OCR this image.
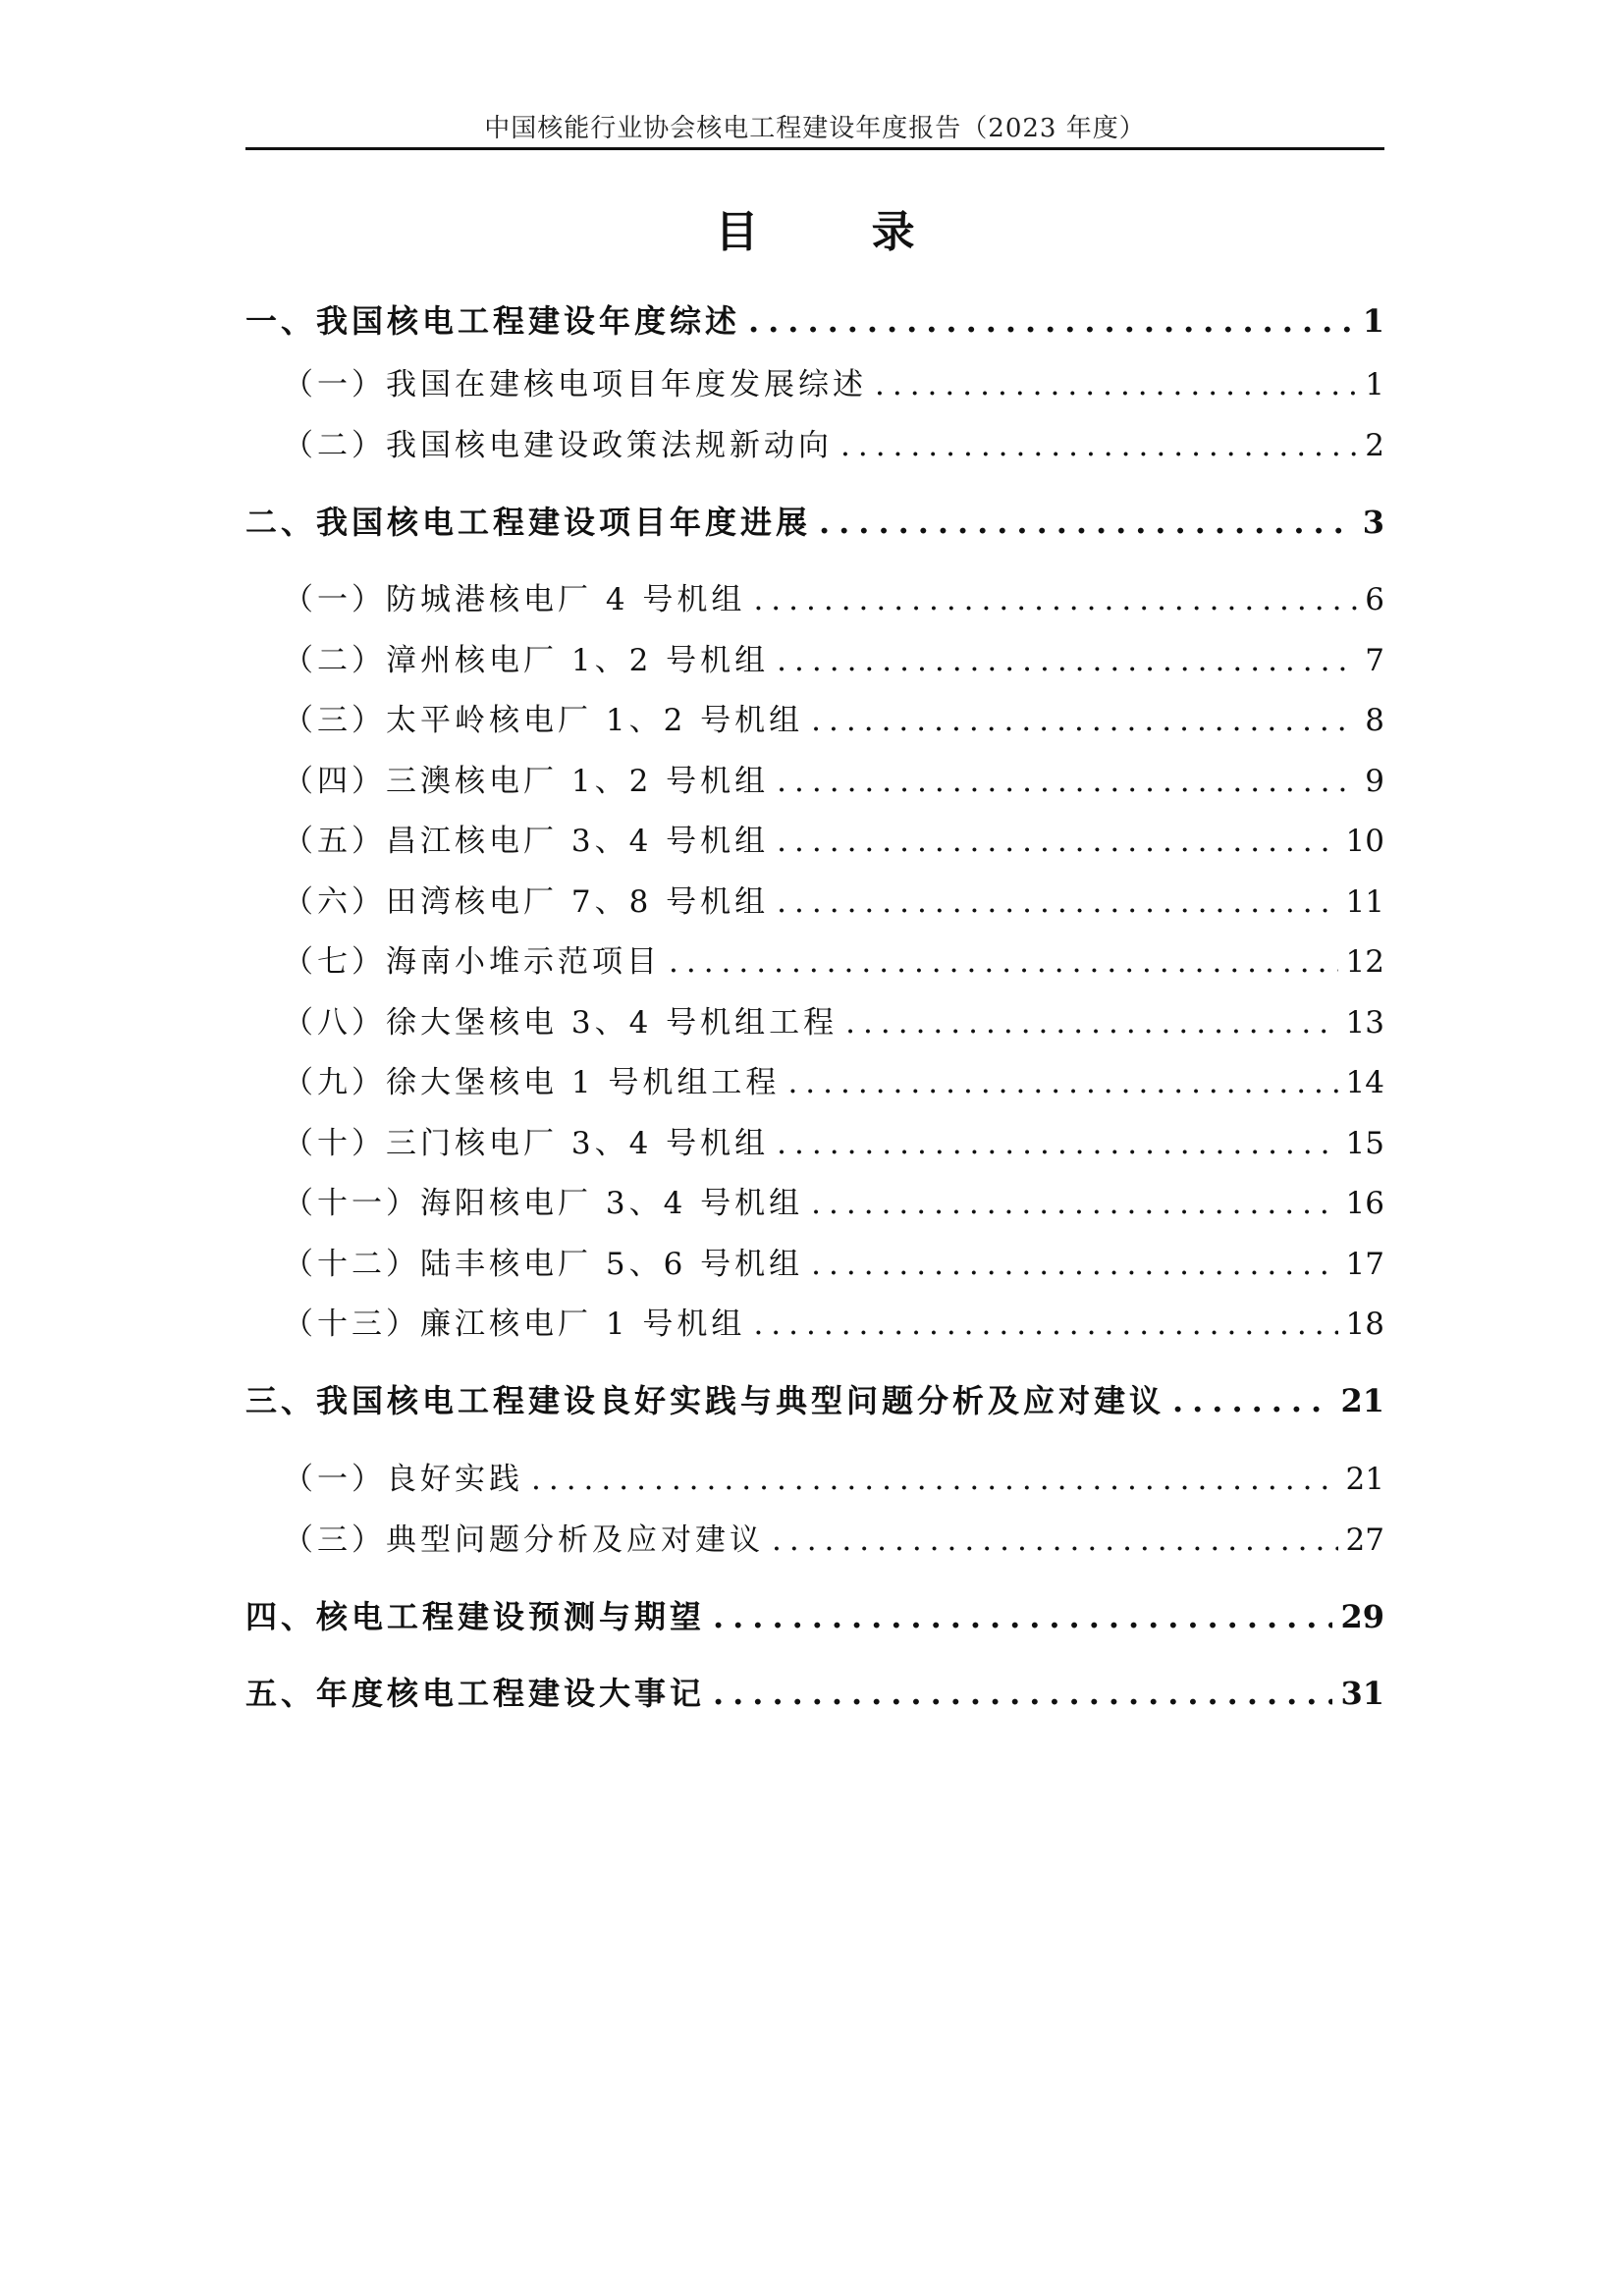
中国核能行业协会核电工程建设年度报告（2023 年度）
目 录
一、我国核电工程建设年度综述 .....	1
（一）我国在建核电项目年度发展综述 .....	1
（二）我国核电建设政策法规新动向 .....	2
二、我国核电工程建设项目年度进展 .....	3
（一）防城港核电厂 4 号机组 .....	6
（二）漳州核电厂 1、2 号机组 .....	7
（三）太平岭核电厂 1、2 号机组 .....	8
（四）三澳核电厂 1、2 号机组 .....	9
（五）昌江核电厂 3、4 号机组 .....	10
（六）田湾核电厂 7、8 号机组 .....	11
（七）海南小堆示范项目 .....	12
（八）徐大堡核电 3、4 号机组工程 .....	13
（九）徐大堡核电 1 号机组工程 .....	14
（十）三门核电厂 3、4 号机组 .....	15
（十一）海阳核电厂 3、4 号机组 .....	16
（十二）陆丰核电厂 5、6 号机组 .....	17
（十三）廉江核电厂 1 号机组 .....	18
三、我国核电工程建设良好实践与典型问题分析及应对建议 .....	21
（一）良好实践 .....	21
（三）典型问题分析及应对建议 .....	27
四、核电工程建设预测与期望 .....	29
五、年度核电工程建设大事记 .....	31
